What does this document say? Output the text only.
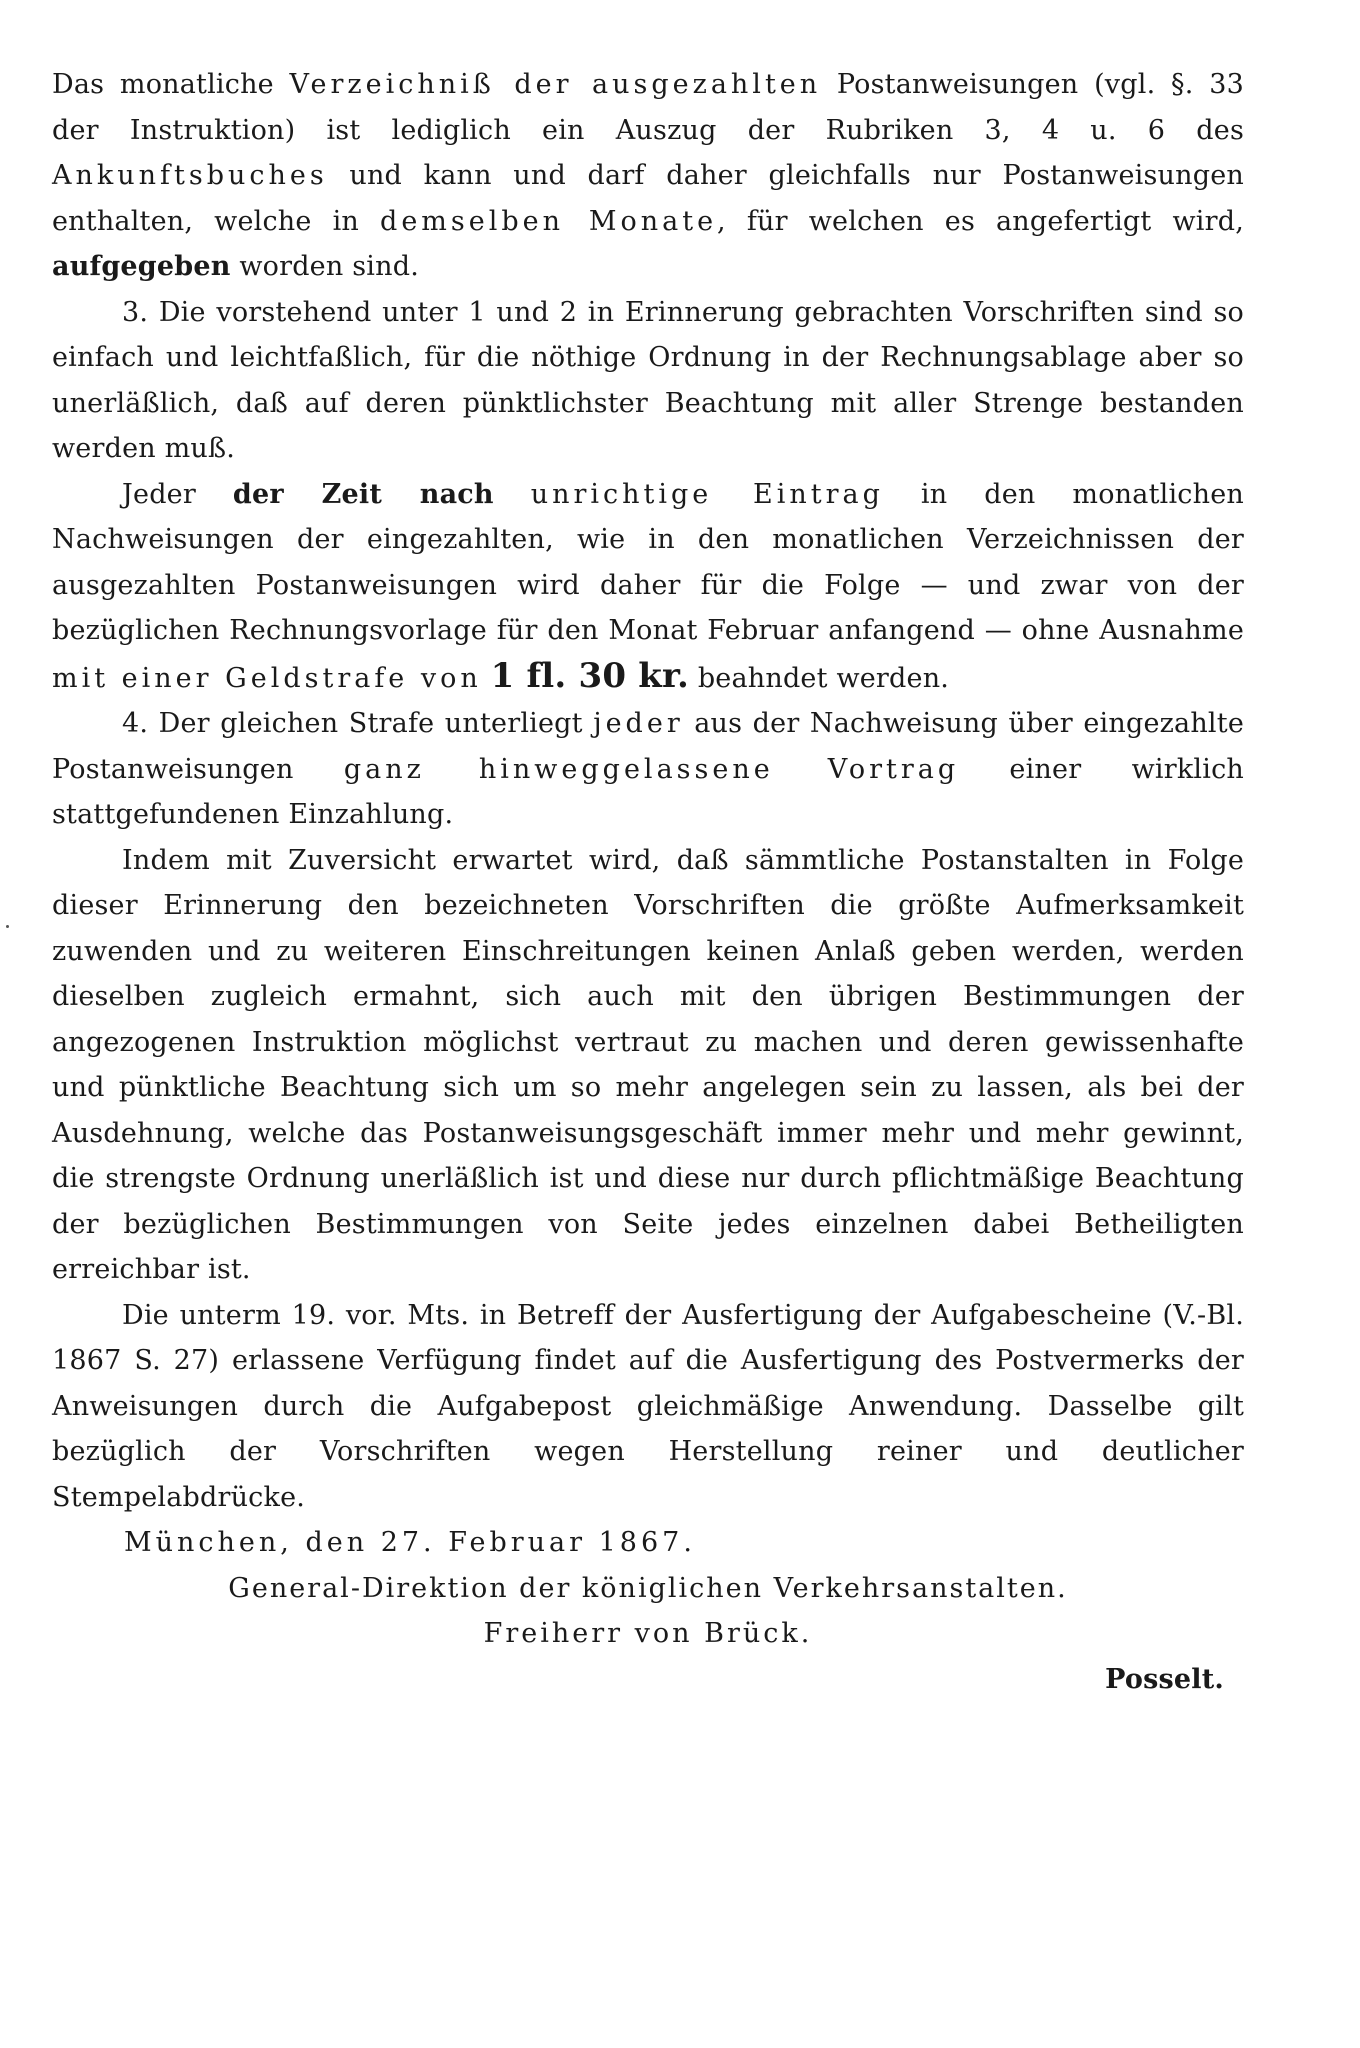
Das monatliche Verzeichniß der ausgezahlten Postanweisungen (vgl. §. 33 der Instruktion) ist lediglich ein Auszug der Rubriken 3, 4 u. 6 des Ankunftsbuches und kann und darf daher gleichfalls nur Postanweisungen enthalten, welche in demselben Monate, für welchen es angefertigt wird, aufgegeben worden sind.

3. Die vorstehend unter 1 und 2 in Erinnerung gebrachten Vorschriften sind so einfach und leichtfaßlich, für die nöthige Ordnung in der Rechnungsablage aber so unerläßlich, daß auf deren pünktlichster Beachtung mit aller Strenge bestanden werden muß.

Jeder der Zeit nach unrichtige Eintrag in den monatlichen Nachweisungen der eingezahlten, wie in den monatlichen Verzeichnissen der ausgezahlten Postanweisungen wird daher für die Folge — und zwar von der bezüglichen Rechnungsvorlage für den Monat Februar anfangend — ohne Ausnahme mit einer Geldstrafe von 1 fl. 30 kr. beahndet werden.

4. Der gleichen Strafe unterliegt jeder aus der Nachweisung über eingezahlte Postanweisungen ganz hinweggelassene Vortrag einer wirklich stattgefundenen Einzahlung.

Indem mit Zuversicht erwartet wird, daß sämmtliche Postanstalten in Folge dieser Erinnerung den bezeichneten Vorschriften die größte Aufmerksamkeit zuwenden und zu weiteren Einschreitungen keinen Anlaß geben werden, werden dieselben zugleich ermahnt, sich auch mit den übrigen Bestimmungen der angezogenen Instruktion möglichst vertraut zu machen und deren gewissenhafte und pünktliche Beachtung sich um so mehr angelegen sein zu lassen, als bei der Ausdehnung, welche das Postanweisungsgeschäft immer mehr und mehr gewinnt, die strengste Ordnung unerläßlich ist und diese nur durch pflichtmäßige Beachtung der bezüglichen Bestimmungen von Seite jedes einzelnen dabei Betheiligten erreichbar ist.

Die unterm 19. vor. Mts. in Betreff der Ausfertigung der Aufgabescheine (V.-Bl. 1867 S. 27) erlassene Verfügung findet auf die Ausfertigung des Postvermerks der Anweisungen durch die Aufgabepost gleichmäßige Anwendung. Dasselbe gilt bezüglich der Vorschriften wegen Herstellung reiner und deutlicher Stempelabdrücke.

München, den 27. Februar 1867.

General-Direktion der königlichen Verkehrsanstalten.

Freiherr von Brück.

Posselt.
